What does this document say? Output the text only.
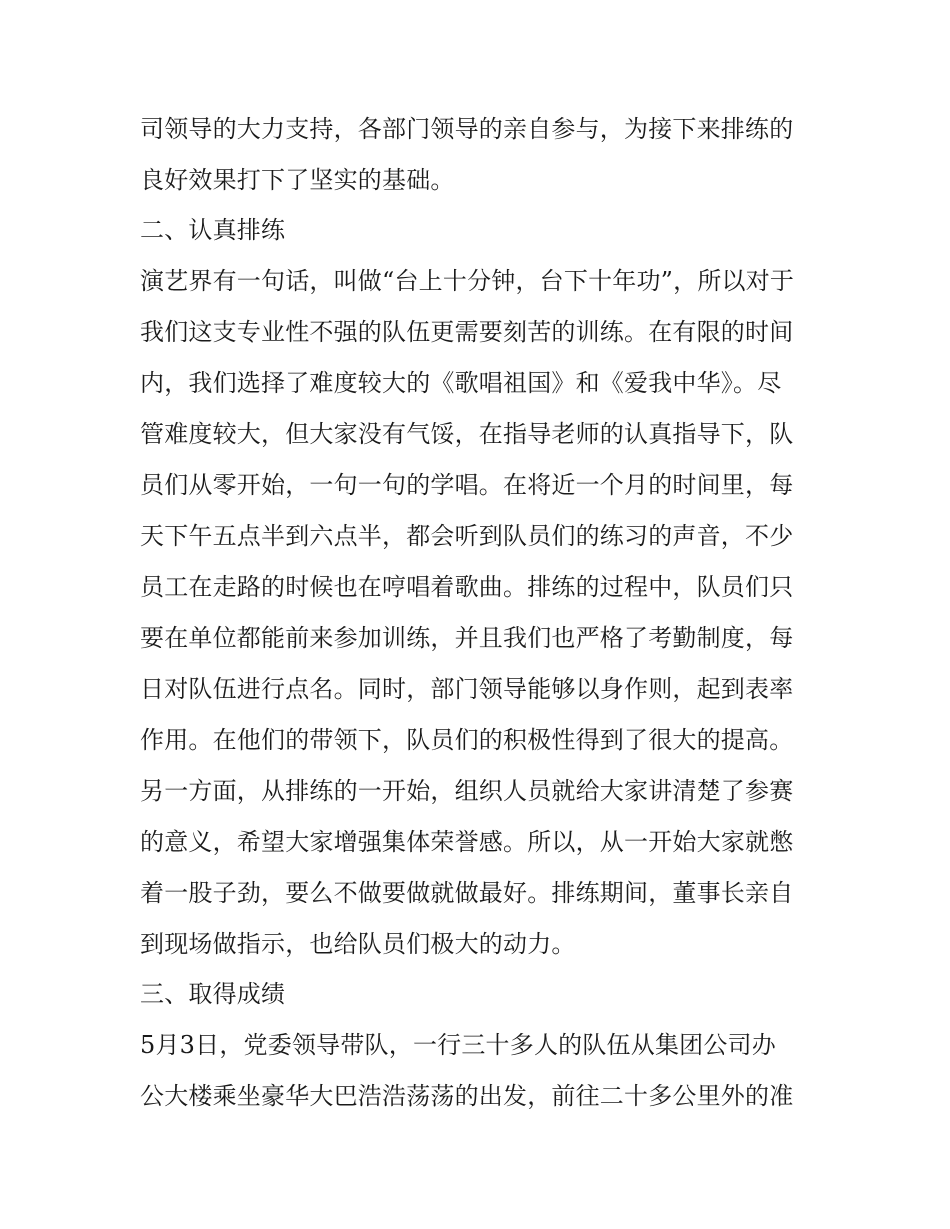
司领导的大力支持，各部门领导的亲自参与，为接下来排练的
良好效果打下了坚实的基础。
二、认真排练
演艺界有一句话，叫做“台上十分钟，台下十年功”，所以对于
我们这支专业性不强的队伍更需要刻苦的训练。在有限的时间
内，我们选择了难度较大的《歌唱祖国》和《爱我中华》。尽
管难度较大，但大家没有气馁，在指导老师的认真指导下，队
员们从零开始，一句一句的学唱。在将近一个月的时间里，每
天下午五点半到六点半，都会听到队员们的练习的声音，不少
员工在走路的时候也在哼唱着歌曲。排练的过程中，队员们只
要在单位都能前来参加训练，并且我们也严格了考勤制度，每
日对队伍进行点名。同时，部门领导能够以身作则，起到表率
作用。在他们的带领下，队员们的积极性得到了很大的提高。
另一方面，从排练的一开始，组织人员就给大家讲清楚了参赛
的意义，希望大家增强集体荣誉感。所以，从一开始大家就憋
着一股子劲，要么不做要做就做最好。排练期间，董事长亲自
到现场做指示，也给队员们极大的动力。
三、取得成绩
5月3日，党委领导带队，一行三十多人的队伍从集团公司办
公大楼乘坐豪华大巴浩浩荡荡的出发，前往二十多公里外的准
